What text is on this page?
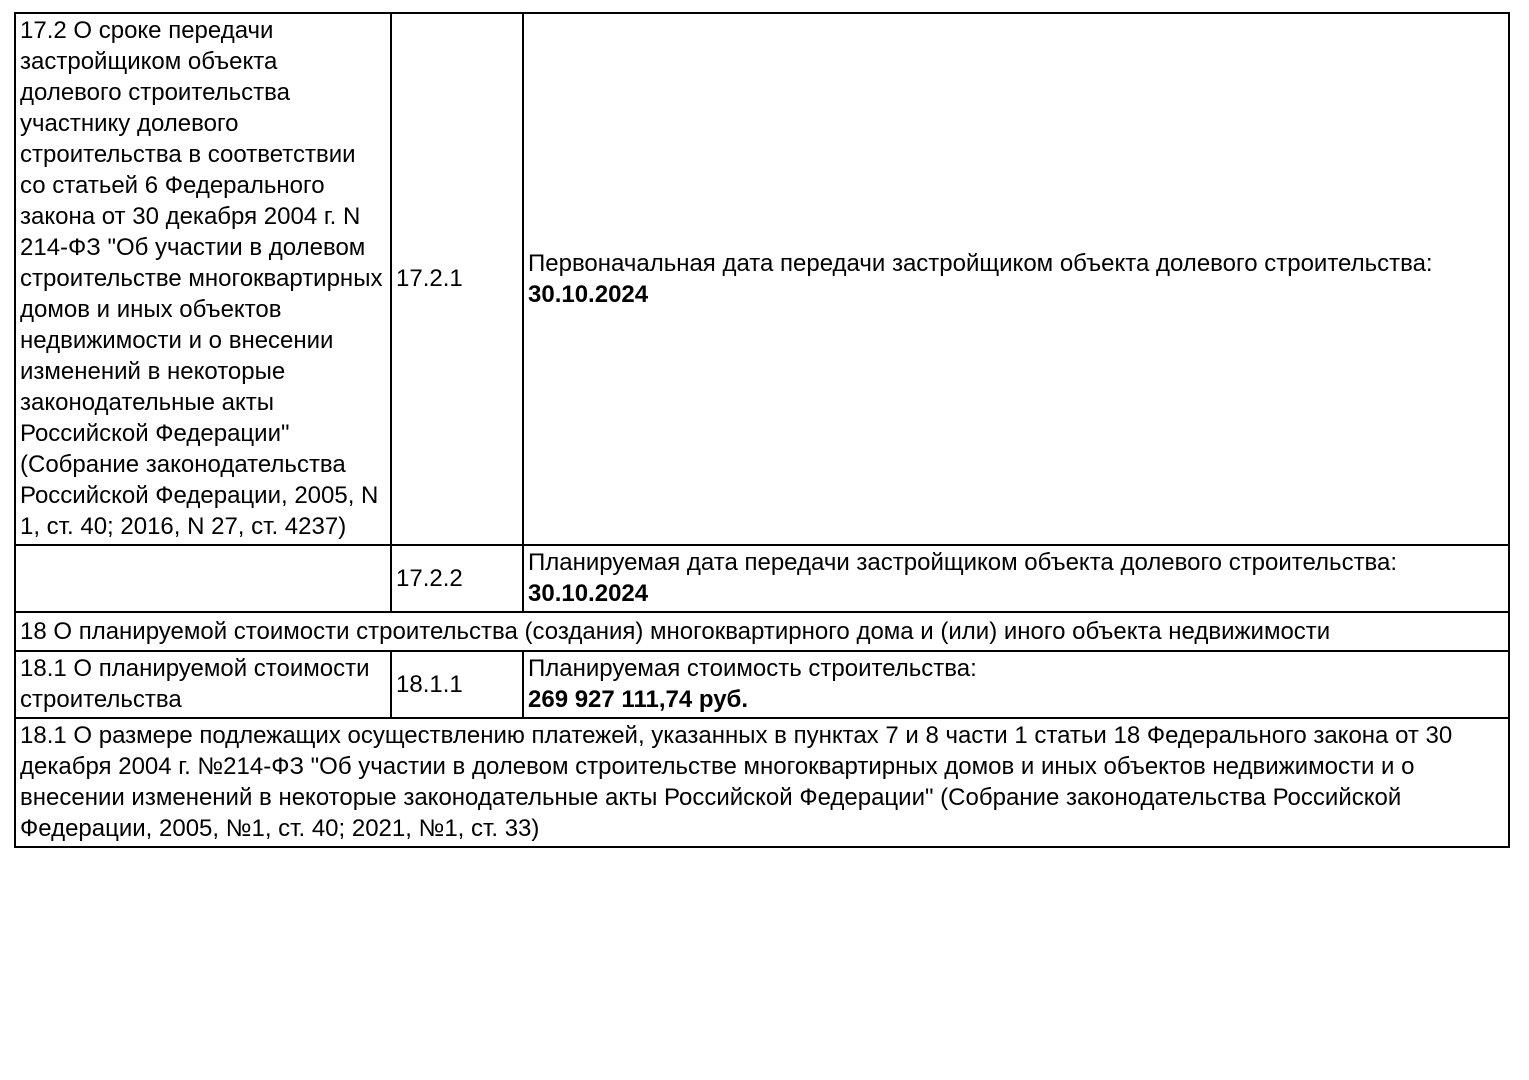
17.2 О сроке передачи застройщиком объекта долевого строительства участнику долевого строительства в соответствии со статьей 6 Федерального закона от 30 декабря 2004 г. N 214-ФЗ "Об участии в долевом строительстве многоквартирных домов и иных объектов недвижимости и о внесении изменений в некоторые законодательные акты Российской Федерации" (Собрание законодательства Российской Федерации, 2005, N 1, ст. 40; 2016, N 27, ст. 4237)	17.2.1	Первоначальная дата передачи застройщиком объекта долевого строительства:
30.10.2024

	17.2.2	Планируемая дата передачи застройщиком объекта долевого строительства:
30.10.2024

18 О планируемой стоимости строительства (создания) многоквартирного дома и (или) иного объекта недвижимости		
18.1 О планируемой стоимости строительства	18.1.1	Планируемая стоимость строительства:
269 927 111,74 руб.

18.1 О размере подлежащих осуществлению платежей, указанных в пунктах 7 и 8 части 1 статьи 18 Федерального закона от 30 декабря 2004 г. №214-ФЗ "Об участии в долевом строительстве многоквартирных домов и иных объектов недвижимости и о внесении изменений в некоторые законодательные акты Российской Федерации" (Собрание законодательства Российской Федерации, 2005, №1, ст. 40; 2021, №1, ст. 33)		
